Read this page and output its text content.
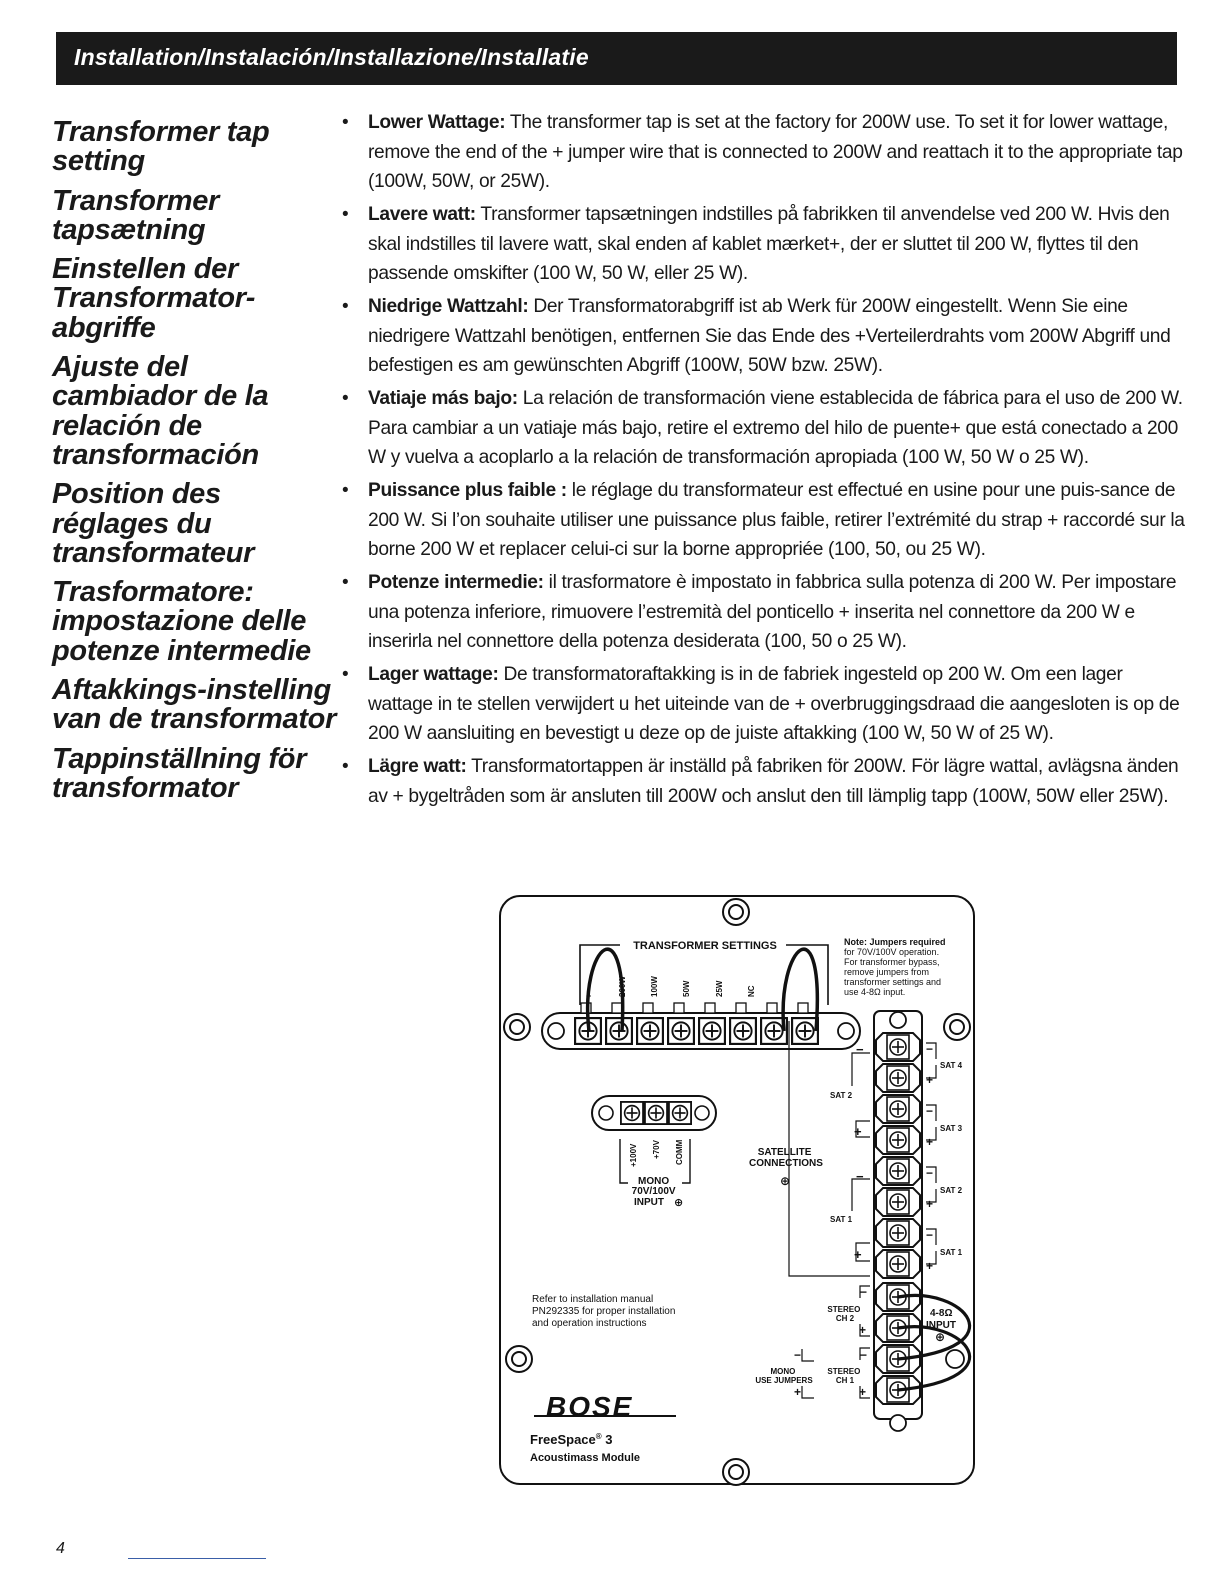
Installation/Instalación/Installazione/Installatie
Transformer tap setting
Transformer tapsætning
Einstellen der Transformator-abgriffe
Ajuste del cambiador de la relación de transformación
Position des réglages du transformateur
Trasformatore: impostazione delle potenze intermedie
Aftakkings-instelling van de transformator
Tappinställning för transformator
• Lower Wattage: The transformer tap is set at the factory for 200W use. To set it for lower wattage, remove the end of the + jumper wire that is connected to 200W and reattach it to the appropriate tap (100W, 50W, or 25W).
• Lavere watt: Transformer tapsætningen indstilles på fabrikken til anvendelse ved 200 W. Hvis den skal indstilles til lavere watt, skal enden af kablet mærket+, der er sluttet til 200 W, flyttes til den passende omskifter (100 W, 50 W, eller 25 W).
• Niedrige Wattzahl: Der Transformatorabgriff ist ab Werk für 200W eingestellt. Wenn Sie eine niedrigere Wattzahl benötigen, entfernen Sie das Ende des +Verteilerdrahts vom 200W Abgriff und befestigen es am gewünschten Abgriff (100W, 50W bzw. 25W).
• Vatiaje más bajo: La relación de transformación viene establecida de fábrica para el uso de 200 W. Para cambiar a un vatiaje más bajo, retire el extremo del hilo de puente+ que está conectado a 200 W y vuelva a acoplarlo a la relación de transformación apropiada (100 W, 50 W o 25 W).
• Puissance plus faible : le réglage du transformateur est effectué en usine pour une puis-sance de 200 W. Si l’on souhaite utiliser une puissance plus faible, retirer l’extrémité du strap + raccordé sur la borne 200 W et replacer celui-ci sur la borne appropriée (100, 50, ou 25 W).
• Potenze intermedie: il trasformatore è impostato in fabbrica sulla potenza di 200 W. Per impostare una potenza inferiore, rimuovere l’estremità del ponticello + inserita nel connettore da 200 W e inserirla nel connettore della potenza desiderata (100, 50 o 25 W).
• Lager wattage: De transformatoraftakking is in de fabriek ingesteld op 200 W. Om een lager wattage in te stellen verwijdert u het uiteinde van de + overbruggingsdraad die aangesloten is op de 200 W aansluiting en bevestigt u deze op de juiste aftakking (100 W, 50 W of 25 W).
• Lägre watt: Transformatortappen är inställd på fabriken för 200W. För lägre wattal, avlägsna änden av + bygeltråden som är ansluten till 200W och anslut den till lämplig tapp (100W, 50W eller 25W).
TRANSFORMER SETTINGS
200W	100W	50W	25W	NC
+
Note: Jumpers required for 70V/100V operation. For transformer bypass, remove jumpers from transformer settings and use 4-8Ω input.
+100V +70V COMM
MONO 70V/100V INPUT ⊕
SATELLITE CONNECTIONS
⊕
SAT 2
SAT 1
−
+
−
+
−
+
−
+
−
+
−
+
SAT 4
SAT 3
SAT 2
SAT 1
−
+
−
+
−
+
STEREO CH 2
STEREO CH 1
MONO USE JUMPERS
4-8Ω INPUT
⊕
Refer to installation manual PN292335 for proper installation and operation instructions
BOSE
FreeSpace® 3
Acoustimass Module
4
